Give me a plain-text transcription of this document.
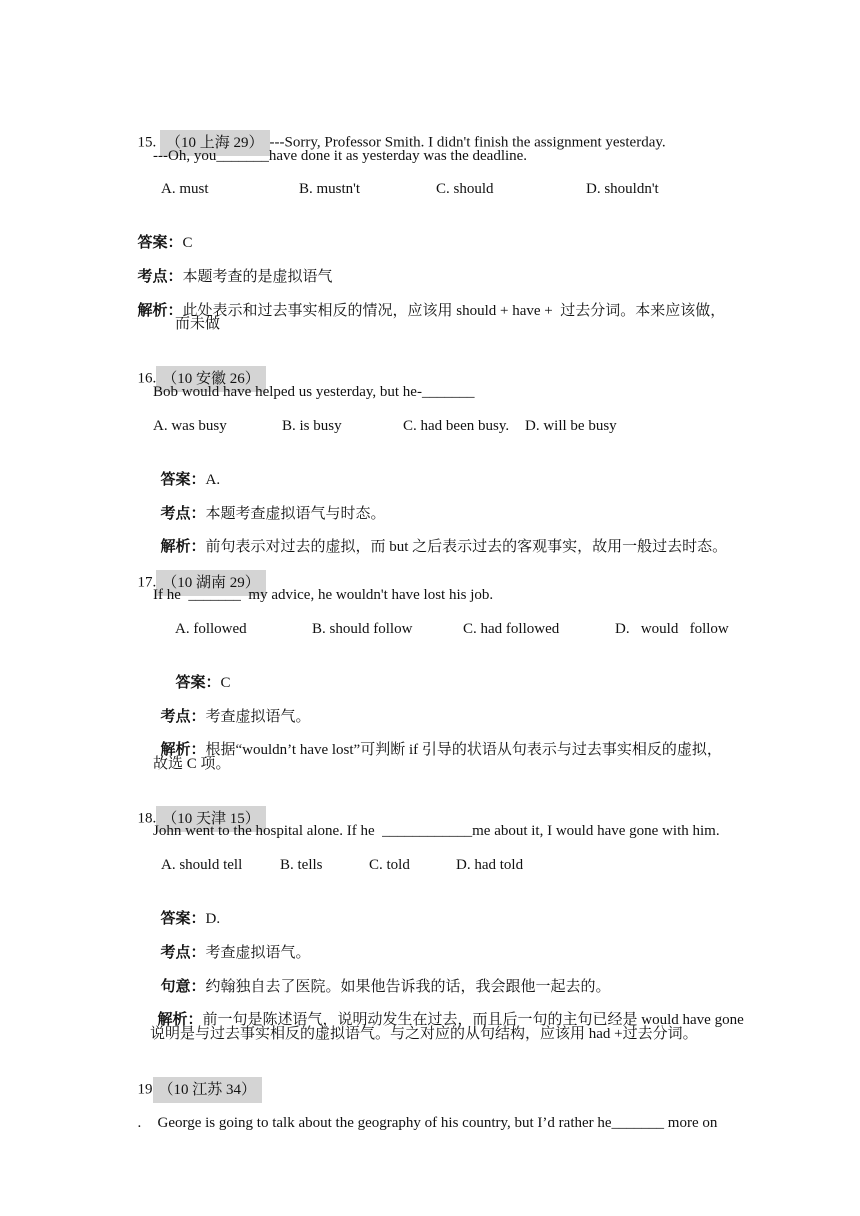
15. （10 上海 29） ---Sorry, Professor Smith. I didn't finish the assignment yesterday.

---Oh, you_______have done it as yesterday was the deadline.

A. must

	B. mustn't

	C. should

	D. shouldn't

答案：C

考点：本题考查的是虚拟语气

解析：此处表示和过去事实相反的情况，应该用 should + have +  过去分词。本来应该做，

而未做

16. （10 安徽 26）

Bob would have helped us yesterday, but he-_______

A. was busy

	B. is busy

	C. had been busy.

D. will be busy

答案：A.

考点：本题考查虚拟语气与时态。

解析：前句表示对过去的虚拟，而 but 之后表示过去的客观事实，故用一般过去时态。

17. （10 湖南 29）

If he  _______  my advice, he wouldn't have lost his job.

A. followed

	B. should follow

	C. had followed

	D.   would   follow

答案：C

考点：考查虚拟语气。

解析：根据“wouldn’t have lost”可判断 if 引导的状语从句表示与过去事实相反的虚拟，

故选 C 项。

18. （10 天津 15）

John went to the hospital alone. If he  ____________me about it, I would have gone with him.

A. should tell

	B. tells

	C. told

	D. had told

答案：D.

考点：考查虚拟语气。

句意：约翰独自去了医院。如果他告诉我的话，我会跟他一起去的。

解析：前一句是陈述语气，说明动发生在过去，而且后一句的主句已经是 would have gone

说明是与过去事实相反的虚拟语气。与之对应的从句结构，应该用 had +过去分词。

19 （10 江苏 34）

. George is going to talk about the geography of his country, but I’d rather he_______ more on
